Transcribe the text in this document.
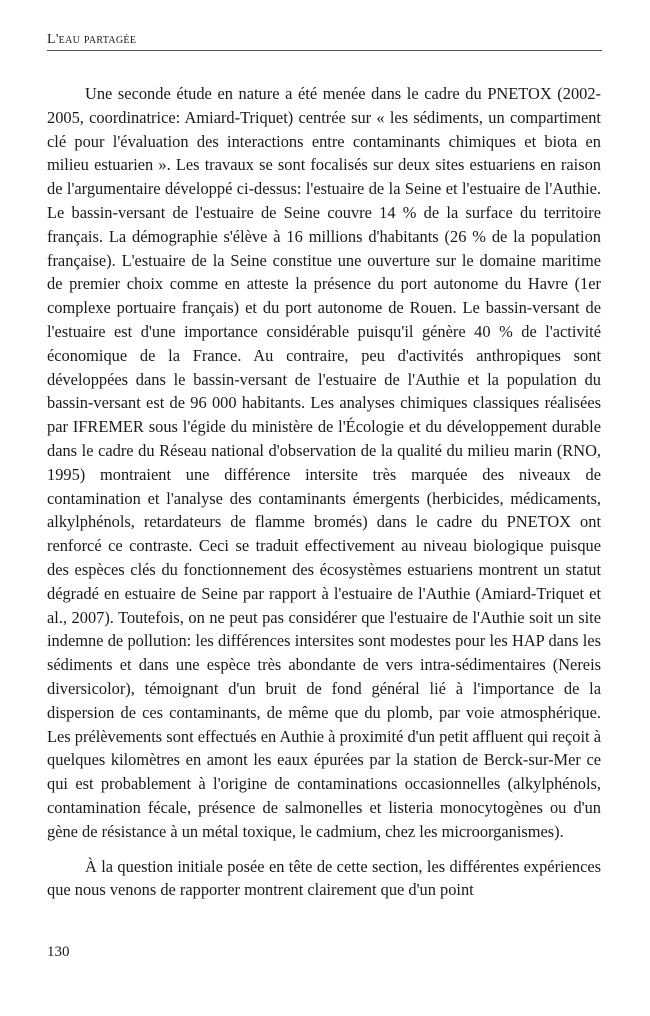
L'eau partagée

Une seconde étude en nature a été menée dans le cadre du PNETOX (2002-2005, coordinatrice: Amiard-Triquet) centrée sur « les sédiments, un compartiment clé pour l'évaluation des interactions entre contaminants chimiques et biota en milieu estuarien ». Les travaux se sont focalisés sur deux sites estuariens en raison de l'argumentaire développé ci-dessus: l'estuaire de la Seine et l'estuaire de l'Authie. Le bassin-versant de l'estuaire de Seine couvre 14 % de la surface du territoire français. La démographie s'élève à 16 millions d'habitants (26 % de la population française). L'estuaire de la Seine constitue une ouverture sur le domaine maritime de premier choix comme en atteste la présence du port autonome du Havre (1er complexe portuaire français) et du port autonome de Rouen. Le bassin-versant de l'estuaire est d'une importance considérable puisqu'il génère 40 % de l'activité économique de la France. Au contraire, peu d'activités anthropiques sont développées dans le bassin-versant de l'estuaire de l'Authie et la population du bassin-versant est de 96 000 habitants. Les analyses chimiques classiques réalisées par IFREMER sous l'égide du ministère de l'Écologie et du développement durable dans le cadre du Réseau national d'observation de la qualité du milieu marin (RNO, 1995) montraient une différence intersite très marquée des niveaux de contamination et l'analyse des contaminants émergents (herbicides, médicaments, alkylphénols, retardateurs de flamme bromés) dans le cadre du PNETOX ont renforcé ce contraste. Ceci se traduit effectivement au niveau biologique puisque des espèces clés du fonctionnement des écosystèmes estuariens montrent un statut dégradé en estuaire de Seine par rapport à l'estuaire de l'Authie (Amiard-Triquet et al., 2007). Toutefois, on ne peut pas considérer que l'estuaire de l'Authie soit un site indemne de pollution: les différences intersites sont modestes pour les HAP dans les sédiments et dans une espèce très abondante de vers intra-sédimentaires (Nereis diversicolor), témoignant d'un bruit de fond général lié à l'importance de la dispersion de ces contaminants, de même que du plomb, par voie atmosphérique. Les prélèvements sont effectués en Authie à proximité d'un petit affluent qui reçoit à quelques kilomètres en amont les eaux épurées par la station de Berck-sur-Mer ce qui est probablement à l'origine de contaminations occasionnelles (alkylphénols, contamination fécale, présence de salmonelles et listeria monocytogènes ou d'un gène de résistance à un métal toxique, le cadmium, chez les microorganismes).

À la question initiale posée en tête de cette section, les différentes expériences que nous venons de rapporter montrent clairement que d'un point

130
